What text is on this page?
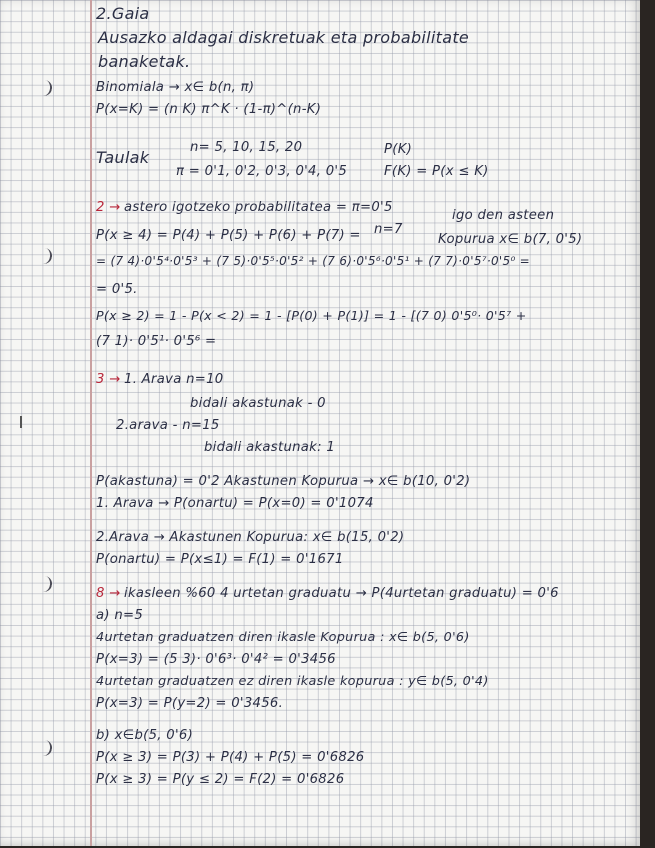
2.Gaia
Ausazko aldagai diskretuak eta probabilitate
banaketak.
Binomiala → x∈ b(n, π)
P(x=K) = (n K) π^K · (1-π)^(n-K)
Taulak
n= 5, 10, 15, 20
π = 0'1, 0'2, 0'3, 0'4, 0'5
P(K)
F(K) = P(x ≤ K)
2 → astero igotzeko probabilitatea = π=0'5
n=7
igo den asteen
Kopurua x∈ b(7, 0'5)
P(x ≥ 4) = P(4) + P(5) + P(6) + P(7) =
= (7 4)·0'5⁴·0'5³ + (7 5)·0'5⁵·0'5² + (7 6)·0'5⁶·0'5¹ + (7 7)·0'5⁷·0'5⁰ =
= 0'5.
P(x ≥ 2) = 1 - P(x < 2) = 1 - [P(0) + P(1)] = 1 - [(7 0) 0'5⁰· 0'5⁷ +
(7 1)· 0'5¹· 0'5⁶ =
3 → 1. Arava n=10
bidali akastunak - 0
2.arava - n=15
bidali akastunak: 1
P(akastuna) = 0'2 Akastunen Kopurua → x∈ b(10, 0'2)
1. Arava → P(onartu) = P(x=0) = 0'1074
2.Arava → Akastunen Kopurua: x∈ b(15, 0'2)
P(onartu) = P(x≤1) = F(1) = 0'1671
8 → ikasleen %60 4 urtetan graduatu → P(4urtetan graduatu) = 0'6
a) n=5
4urtetan graduatzen diren ikasle Kopurua : x∈ b(5, 0'6)
P(x=3) = (5 3)· 0'6³· 0'4² = 0'3456
4urtetan graduatzen ez diren ikasle kopurua : y∈ b(5, 0'4)
P(x=3) = P(y=2) = 0'3456.
b) x∈b(5, 0'6)
P(x ≥ 3) = P(3) + P(4) + P(5) = 0'6826
P(x ≥ 3) = P(y ≤ 2) = F(2) = 0'6826
